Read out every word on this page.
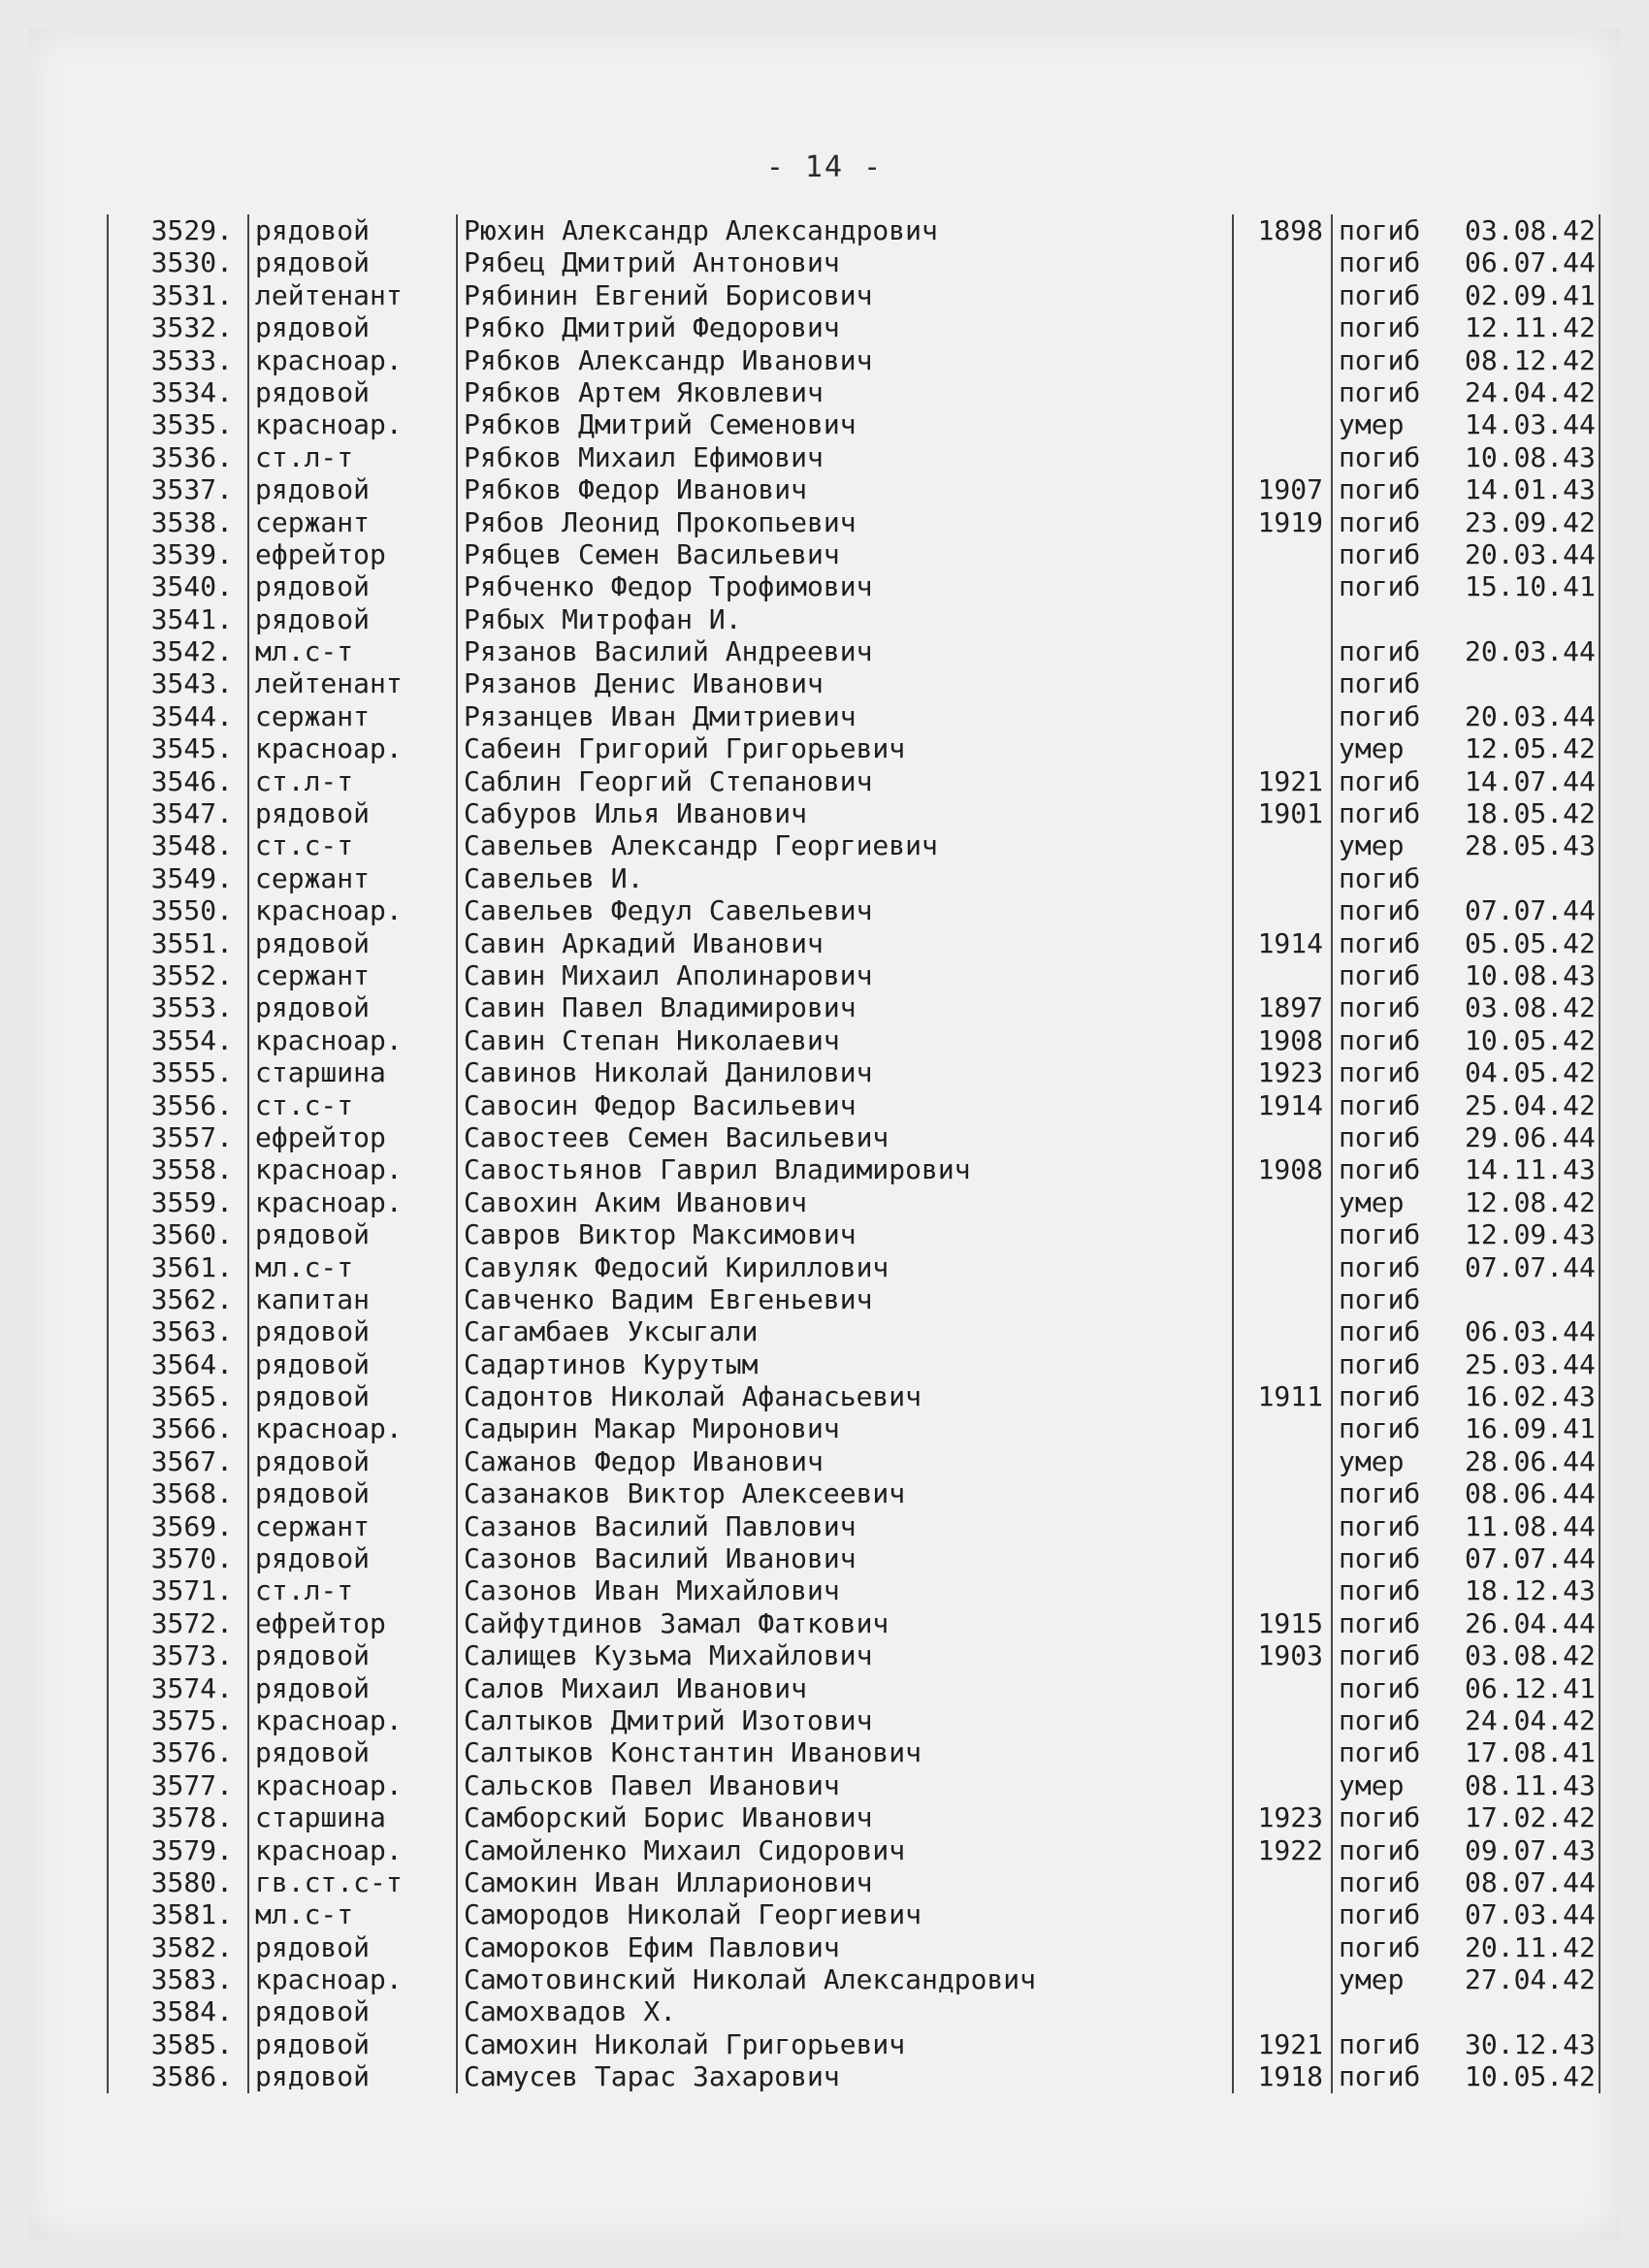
- 14 -
3529. рядовой	Рюхин Александр Александрович	1898 погиб	03.08.42
3530. рядовой	Рябец Дмитрий Антонович	погиб	06.07.44
3531. лейтенант	Рябинин Евгений Борисович	погиб	02.09.41
3532. рядовой	Рябко Дмитрий Федорович	погиб	12.11.42
3533. красноар.	Рябков Александр Иванович	погиб	08.12.42
3534. рядовой	Рябков Артем Яковлевич	погиб	24.04.42
3535. красноар.	Рябков Дмитрий Семенович	умер	14.03.44
3536. ст.л-т	Рябков Михаил Ефимович	погиб	10.08.43
3537. рядовой	Рябков Федор Иванович	1907 погиб	14.01.43
3538. сержант	Рябов Леонид Прокопьевич	1919 погиб	23.09.42
3539. ефрейтор	Рябцев Семен Васильевич	погиб	20.03.44
3540. рядовой	Рябченко Федор Трофимович	погиб	15.10.41
3541. рядовой	Рябых Митрофан И.
3542. мл.с-т	Рязанов Василий Андреевич	погиб	20.03.44
3543. лейтенант	Рязанов Денис Иванович	погиб
3544. сержант	Рязанцев Иван Дмитриевич	погиб	20.03.44
3545. красноар.	Сабеин Григорий Григорьевич	умер	12.05.42
3546. ст.л-т	Саблин Георгий Степанович	1921 погиб	14.07.44
3547. рядовой	Сабуров Илья Иванович	1901 погиб	18.05.42
3548. ст.с-т	Савельев Александр Георгиевич	умер	28.05.43
3549. сержант	Савельев И.	погиб
3550. красноар.	Савельев Федул Савельевич	погиб	07.07.44
3551. рядовой	Савин Аркадий Иванович	1914 погиб	05.05.42
3552. сержант	Савин Михаил Аполинарович	погиб	10.08.43
3553. рядовой	Савин Павел Владимирович	1897 погиб	03.08.42
3554. красноар.	Савин Степан Николаевич	1908 погиб	10.05.42
3555. старшина	Савинов Николай Данилович	1923 погиб	04.05.42
3556. ст.с-т	Савосин Федор Васильевич	1914 погиб	25.04.42
3557. ефрейтор	Савостеев Семен Васильевич	погиб	29.06.44
3558. красноар.	Савостьянов Гаврил Владимирович	1908 погиб	14.11.43
3559. красноар.	Савохин Аким Иванович	умер	12.08.42
3560. рядовой	Савров Виктор Максимович	погиб	12.09.43
3561. мл.с-т	Савуляк Федосий Кириллович	погиб	07.07.44
3562. капитан	Савченко Вадим Евгеньевич	погиб
3563. рядовой	Сагамбаев Уксыгали	погиб	06.03.44
3564. рядовой	Садартинов Курутым	погиб	25.03.44
3565. рядовой	Садонтов Николай Афанасьевич	1911 погиб	16.02.43
3566. красноар.	Садырин Макар Миронович	погиб	16.09.41
3567. рядовой	Сажанов Федор Иванович	умер	28.06.44
3568. рядовой	Сазанаков Виктор Алексеевич	погиб	08.06.44
3569. сержант	Сазанов Василий Павлович	погиб	11.08.44
3570. рядовой	Сазонов Василий Иванович	погиб	07.07.44
3571. ст.л-т	Сазонов Иван Михайлович	погиб	18.12.43
3572. ефрейтор	Сайфутдинов Замал Фаткович	1915 погиб	26.04.44
3573. рядовой	Салищев Кузьма Михайлович	1903 погиб	03.08.42
3574. рядовой	Салов Михаил Иванович	погиб	06.12.41
3575. красноар.	Салтыков Дмитрий Изотович	погиб	24.04.42
3576. рядовой	Салтыков Константин Иванович	погиб	17.08.41
3577. красноар.	Сальсков Павел Иванович	умер	08.11.43
3578. старшина	Самборский Борис Иванович	1923 погиб	17.02.42
3579. красноар.	Самойленко Михаил Сидорович	1922 погиб	09.07.43
3580. гв.ст.с-т	Самокин Иван Илларионович	погиб	08.07.44
3581. мл.с-т	Самородов Николай Георгиевич	погиб	07.03.44
3582. рядовой	Самороков Ефим Павлович	погиб	20.11.42
3583. красноар.	Самотовинский Николай Александрович	умер	27.04.42
3584. рядовой	Самохвадов Х.
3585. рядовой	Самохин Николай Григорьевич	1921 погиб	30.12.43
3586. рядовой	Самусев Тарас Захарович	1918 погиб	10.05.42
